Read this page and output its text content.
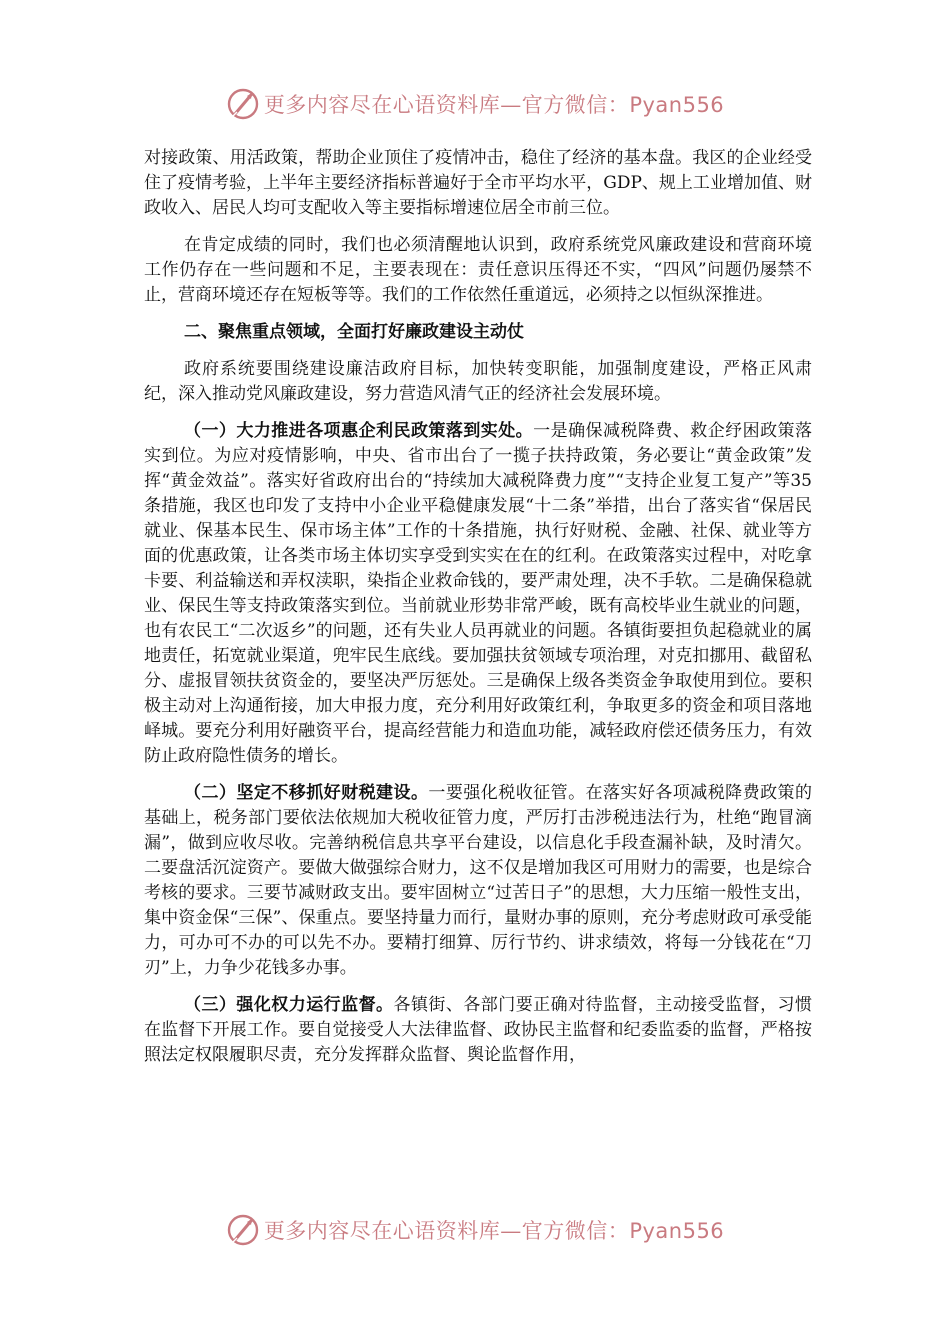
更多内容尽在心语资料库—官方微信：Pyan556

对接政策、用活政策，帮助企业顶住了疫情冲击，稳住了经济的基本盘。我区的企业经受住了疫情考验，上半年主要经济指标普遍好于全市平均水平，GDP、规上工业增加值、财政收入、居民人均可支配收入等主要指标增速位居全市前三位。

在肯定成绩的同时，我们也必须清醒地认识到，政府系统党风廉政建设和营商环境工作仍存在一些问题和不足，主要表现在：责任意识压得还不实，“四风”问题仍屡禁不止，营商环境还存在短板等等。我们的工作依然任重道远，必须持之以恒纵深推进。

二、聚焦重点领域，全面打好廉政建设主动仗

政府系统要围绕建设廉洁政府目标，加快转变职能，加强制度建设，严格正风肃纪，深入推动党风廉政建设，努力营造风清气正的经济社会发展环境。

（一）大力推进各项惠企利民政策落到实处。一是确保减税降费、救企纾困政策落实到位。为应对疫情影响，中央、省市出台了一揽子扶持政策，务必要让“黄金政策”发挥“黄金效益”。落实好省政府出台的“持续加大减税降费力度”“支持企业复工复产”等35条措施，我区也印发了支持中小企业平稳健康发展“十二条”举措，出台了落实省“保居民就业、保基本民生、保市场主体”工作的十条措施，执行好财税、金融、社保、就业等方面的优惠政策，让各类市场主体切实享受到实实在在的红利。在政策落实过程中，对吃拿卡要、利益输送和弄权渎职，染指企业救命钱的，要严肃处理，决不手软。二是确保稳就业、保民生等支持政策落实到位。当前就业形势非常严峻，既有高校毕业生就业的问题，也有农民工“二次返乡”的问题，还有失业人员再就业的问题。各镇街要担负起稳就业的属地责任，拓宽就业渠道，兜牢民生底线。要加强扶贫领域专项治理，对克扣挪用、截留私分、虚报冒领扶贫资金的，要坚决严厉惩处。三是确保上级各类资金争取使用到位。要积极主动对上沟通衔接，加大申报力度，充分利用好政策红利，争取更多的资金和项目落地峄城。要充分利用好融资平台，提高经营能力和造血功能，减轻政府偿还债务压力，有效防止政府隐性债务的增长。

（二）坚定不移抓好财税建设。一要强化税收征管。在落实好各项减税降费政策的基础上，税务部门要依法依规加大税收征管力度，严厉打击涉税违法行为，杜绝“跑冒滴漏”，做到应收尽收。完善纳税信息共享平台建设，以信息化手段查漏补缺，及时清欠。二要盘活沉淀资产。要做大做强综合财力，这不仅是增加我区可用财力的需要，也是综合考核的要求。三要节减财政支出。要牢固树立“过苦日子”的思想，大力压缩一般性支出，集中资金保“三保”、保重点。要坚持量力而行，量财办事的原则，充分考虑财政可承受能力，可办可不办的可以先不办。要精打细算、厉行节约、讲求绩效，将每一分钱花在“刀刃”上，力争少花钱多办事。

（三）强化权力运行监督。各镇街、各部门要正确对待监督，主动接受监督，习惯在监督下开展工作。要自觉接受人大法律监督、政协民主监督和纪委监委的监督，严格按照法定权限履职尽责，充分发挥群众监督、舆论监督作用，

更多内容尽在心语资料库—官方微信：Pyan556
